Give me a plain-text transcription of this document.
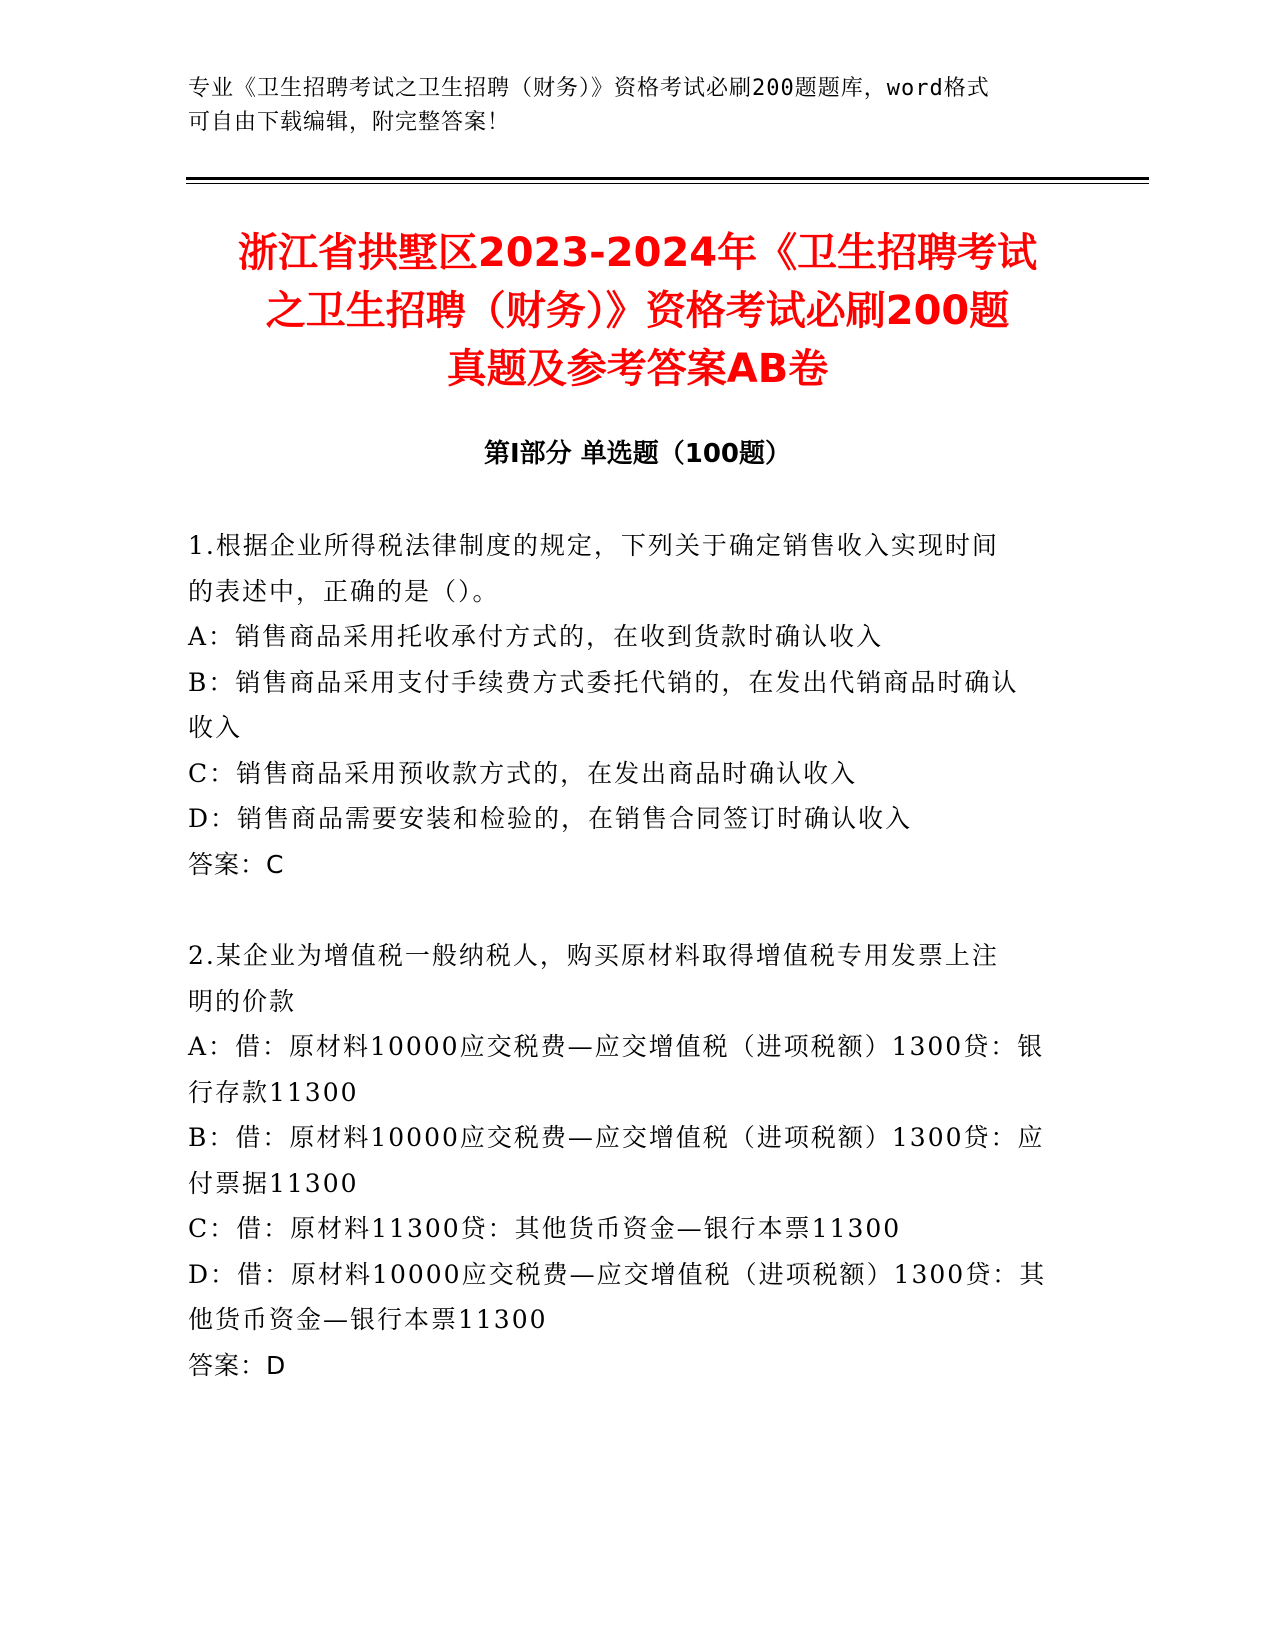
专业《卫生招聘考试之卫生招聘（财务）》资格考试必刷200题题库，word格式
可自由下载编辑，附完整答案！
浙江省拱墅区2023-2024年《卫生招聘考试
之卫生招聘（财务）》资格考试必刷200题
真题及参考答案AB卷
第I部分 单选题（100题）
1.根据企业所得税法律制度的规定，下列关于确定销售收入实现时间
的表述中，正确的是（）。
A：销售商品采用托收承付方式的，在收到货款时确认收入
B：销售商品采用支付手续费方式委托代销的，在发出代销商品时确认
收入
C：销售商品采用预收款方式的，在发出商品时确认收入
D：销售商品需要安装和检验的，在销售合同签订时确认收入
答案：C
2.某企业为增值税一般纳税人，购买原材料取得增值税专用发票上注
明的价款
A：借：原材料10000应交税费—应交增值税（进项税额）1300贷：银
行存款11300
B：借：原材料10000应交税费—应交增值税（进项税额）1300贷：应
付票据11300
C：借：原材料11300贷：其他货币资金—银行本票11300
D：借：原材料10000应交税费—应交增值税（进项税额）1300贷：其
他货币资金—银行本票11300
答案：D
